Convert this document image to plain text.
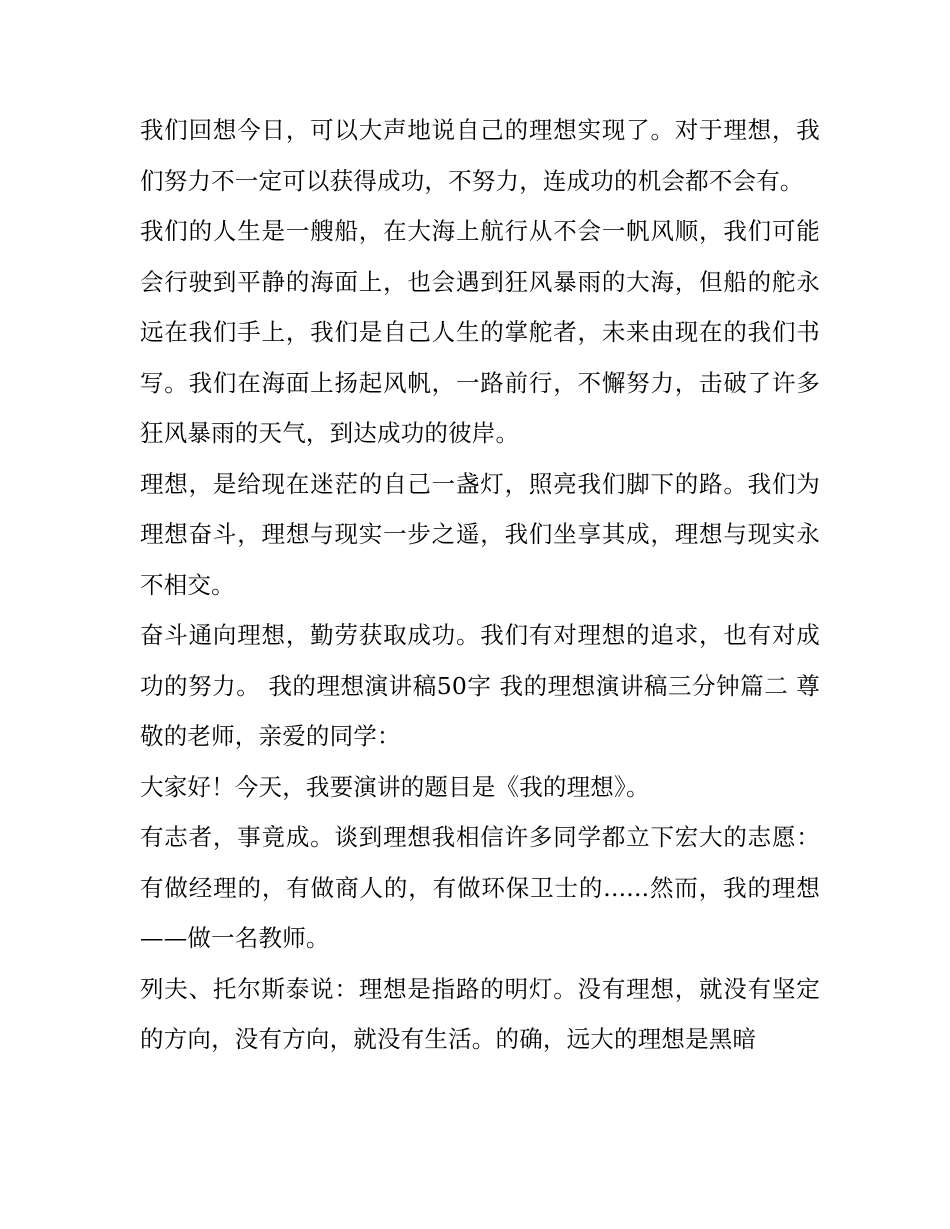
我们回想今日，可以大声地说自己的理想实现了。对于理想，我们努力不一定可以获得成功，不努力，连成功的机会都不会有。

我们的人生是一艘船，在大海上航行从不会一帆风顺，我们可能会行驶到平静的海面上，也会遇到狂风暴雨的大海，但船的舵永远在我们手上，我们是自己人生的掌舵者，未来由现在的我们书写。我们在海面上扬起风帆，一路前行，不懈努力，击破了许多狂风暴雨的天气，到达成功的彼岸。

理想，是给现在迷茫的自己一盏灯，照亮我们脚下的路。我们为理想奋斗，理想与现实一步之遥，我们坐享其成，理想与现实永不相交。

奋斗通向理想，勤劳获取成功。我们有对理想的追求，也有对成功的努力。 我的理想演讲稿50字 我的理想演讲稿三分钟篇二 尊敬的老师，亲爱的同学：

大家好！今天，我要演讲的题目是《我的理想》。

有志者，事竟成。谈到理想我相信许多同学都立下宏大的志愿：有做经理的，有做商人的，有做环保卫士的......然而，我的理想——做一名教师。

列夫、托尔斯泰说：理想是指路的明灯。没有理想，就没有坚定的方向，没有方向，就没有生活。的确，远大的理想是黑暗
